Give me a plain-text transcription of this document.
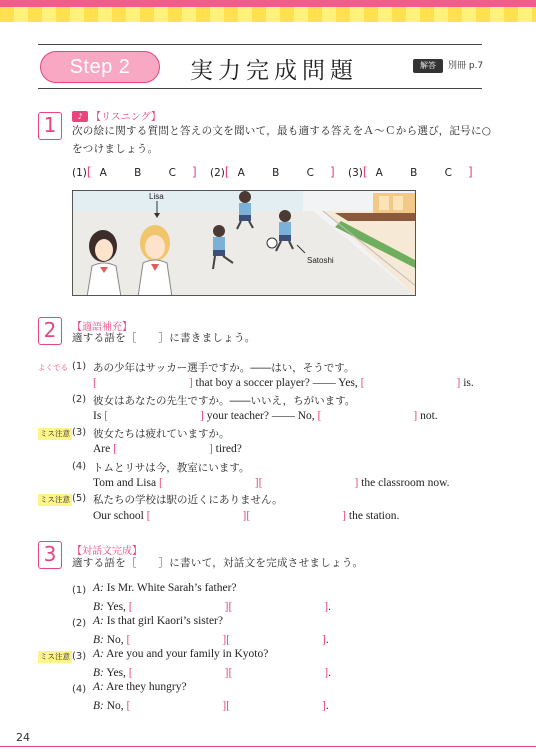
Step 2	実力完成問題	解答	別冊 p.7
1	♪ 【リスニング】
次の絵に関する質問と答えの文を聞いて，最も適する答えをＡ～Ｃから選び，記号に○
をつけましょう。
(1)[ A B C ] (2)[ A B C ] (3)[ A B C ]
Lisa
Satoshi
2	【適語補充】
適する語を［　　］に書きましょう。
よくでる (1) あの少年はサッカー選手ですか。――はい，そうです。
[　　　　　　　　] that boy a soccer player? ―― Yes, [　　　　　　　　] is.
(2) 彼女はあなたの先生ですか。――いいえ，ちがいます。
Is [　　　　　　　　] your teacher? ―― No, [　　　　　　　　] not.
ミス注意 (3) 彼女たちは疲れていますか。
Are [　　　　　　　　] tired?
(4) トムとリサは今，教室にいます。
Tom and Lisa [　　　　　　　　][　　　　　　　　] the classroom now.
ミス注意 (5) 私たちの学校は駅の近くにありません。
Our school [　　　　　　　　][　　　　　　　　] the station.
3	【対話文完成】
適する語を［　　］に書いて，対話文を完成させましょう。
(1) A: Is Mr. White Sarah’s father?
B: Yes, [　　　　　　　　][　　　　　　　　].
(2) A: Is that girl Kaori’s sister?
B: No, [　　　　　　　　][　　　　　　　　].
ミス注意 (3) A: Are you and your family in Kyoto?
B: Yes, [　　　　　　　　][　　　　　　　　].
(4) A: Are they hungry?
B: No, [　　　　　　　　][　　　　　　　　].
24
